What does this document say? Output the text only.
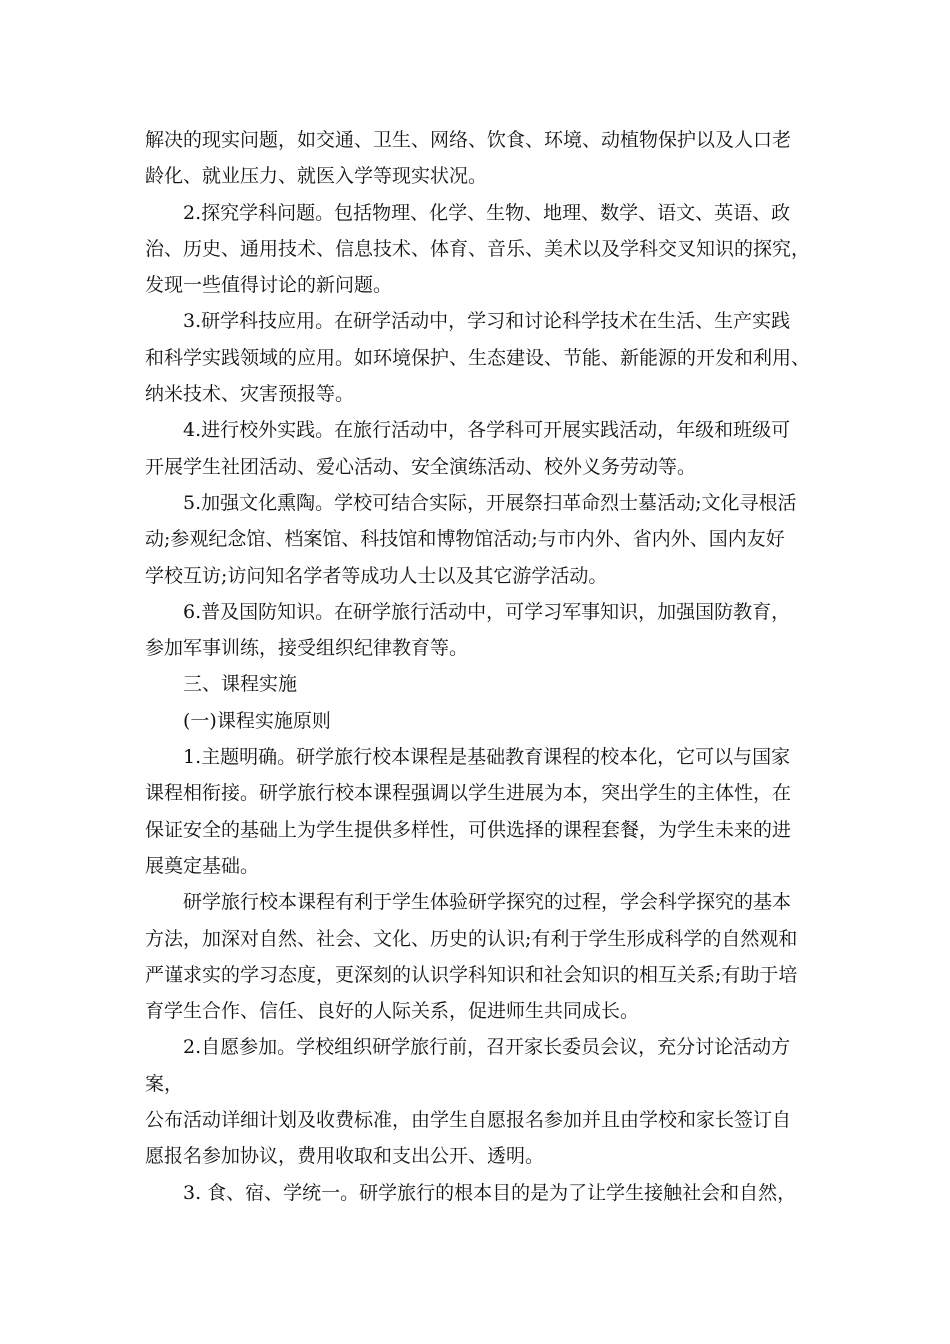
解决的现实问题，如交通、卫生、网络、饮食、环境、动植物保护以及人口老

龄化、就业压力、就医入学等现实状况。

2.探究学科问题。包括物理、化学、生物、地理、数学、语文、英语、政

治、历史、通用技术、信息技术、体育、音乐、美术以及学科交叉知识的探究，

发现一些值得讨论的新问题。

3.研学科技应用。在研学活动中，学习和讨论科学技术在生活、生产实践

和科学实践领域的应用。如环境保护、生态建设、节能、新能源的开发和利用、

纳米技术、灾害预报等。

4.进行校外实践。在旅行活动中，各学科可开展实践活动，年级和班级可

开展学生社团活动、爱心活动、安全演练活动、校外义务劳动等。

5.加强文化熏陶。学校可结合实际，开展祭扫革命烈士墓活动;文化寻根活

动;参观纪念馆、档案馆、科技馆和博物馆活动;与市内外、省内外、国内友好

学校互访;访问知名学者等成功人士以及其它游学活动。

6.普及国防知识。在研学旅行活动中，可学习军事知识，加强国防教育，

参加军事训练，接受组织纪律教育等。

三、课程实施

(一)课程实施原则

1.主题明确。研学旅行校本课程是基础教育课程的校本化，它可以与国家

课程相衔接。研学旅行校本课程强调以学生进展为本，突出学生的主体性，在

保证安全的基础上为学生提供多样性，可供选择的课程套餐，为学生未来的进

展奠定基础。

研学旅行校本课程有利于学生体验研学探究的过程，学会科学探究的基本

方法，加深对自然、社会、文化、历史的认识;有利于学生形成科学的自然观和

严谨求实的学习态度，更深刻的认识学科知识和社会知识的相互关系;有助于培

育学生合作、信任、良好的人际关系，促进师生共同成长。

2.自愿参加。学校组织研学旅行前，召开家长委员会议，充分讨论活动方

案，

公布活动详细计划及收费标准，由学生自愿报名参加并且由学校和家长签订自

愿报名参加协议，费用收取和支出公开、透明。

3. 食、宿、学统一。研学旅行的根本目的是为了让学生接触社会和自然，
